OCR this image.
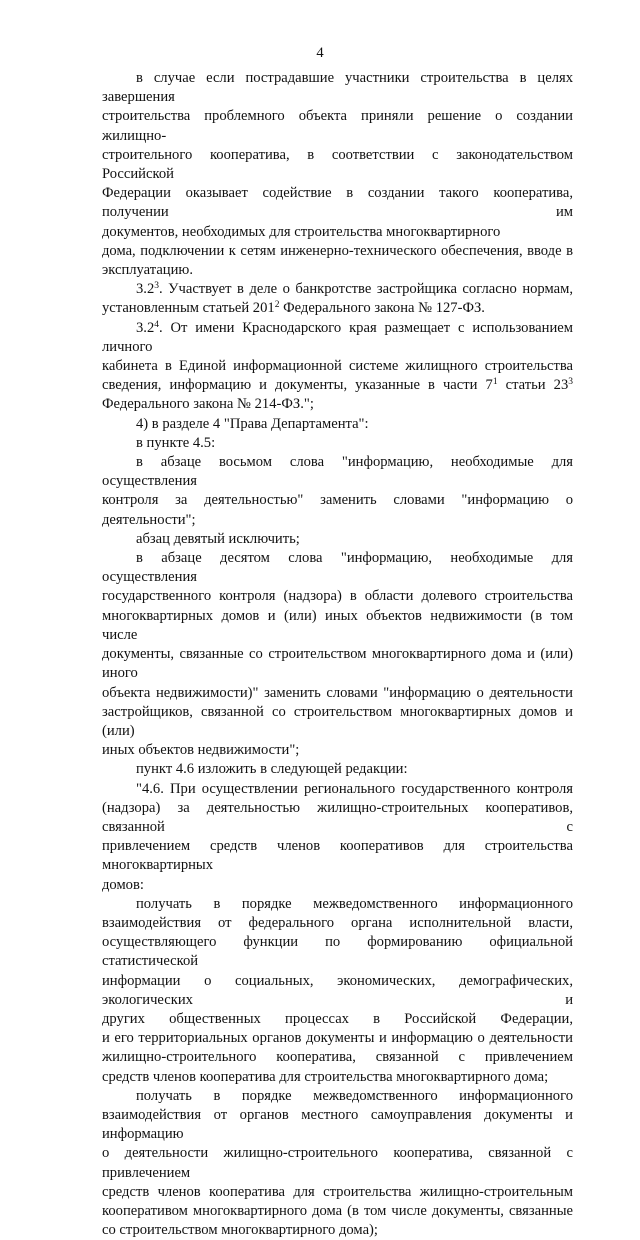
4
в случае если пострадавшие участники строительства в целях завершения
строительства проблемного объекта приняли решение о создании жилищно-
строительного кооператива, в соответствии с законодательством Российской
Федерации оказывает содействие в создании такого кооператива, получении им
документов, необходимых для строительства многоквартирного
дома, подключении к сетям инженерно-технического обеспечения, вводе в
эксплуатацию.
$3.2^3$. Участвует в деле о банкротстве застройщика согласно нормам,
установленным статьей $201^2$ Федерального закона № 127-ФЗ.
$3.2^4$. От имени Краснодарского края размещает с использованием личного
кабинета в Единой информационной системе жилищного строительства
сведения, информацию и документы, указанные в части $7^1$ статьи $23^3$
Федерального закона № 214-ФЗ.";
4) в разделе 4 "Права Департамента":
в пункте 4.5:
в абзаце восьмом слова "информацию, необходимые для осуществления
контроля за деятельностью" заменить словами "информацию о деятельности";
абзац девятый исключить;
в абзаце десятом слова "информацию, необходимые для осуществления
государственного контроля (надзора) в области долевого строительства
многоквартирных домов и (или) иных объектов недвижимости (в том числе
документы, связанные со строительством многоквартирного дома и (или) иного
объекта недвижимости)" заменить словами "информацию о деятельности
застройщиков, связанной со строительством многоквартирных домов и (или)
иных объектов недвижимости";
пункт 4.6 изложить в следующей редакции:
"4.6. При осуществлении регионального государственного контроля
(надзора) за деятельностью жилищно-строительных кооперативов, связанной с
привлечением средств членов кооперативов для строительства многоквартирных
домов:
получать в порядке межведомственного информационного
взаимодействия от федерального органа исполнительной власти,
осуществляющего функции по формированию официальной статистической
информации о социальных, экономических, демографических, экологических и
других общественных процессах в Российской Федерации,
и его территориальных органов документы и информацию о деятельности
жилищно-строительного кооператива, связанной с привлечением
средств членов кооператива для строительства многоквартирного дома;
получать в порядке межведомственного информационного
взаимодействия от органов местного самоуправления документы и информацию
о деятельности жилищно-строительного кооператива, связанной с привлечением
средств членов кооператива для строительства жилищно-строительным
кооперативом многоквартирного дома (в том числе документы, связанные
со строительством многоквартирного дома);
